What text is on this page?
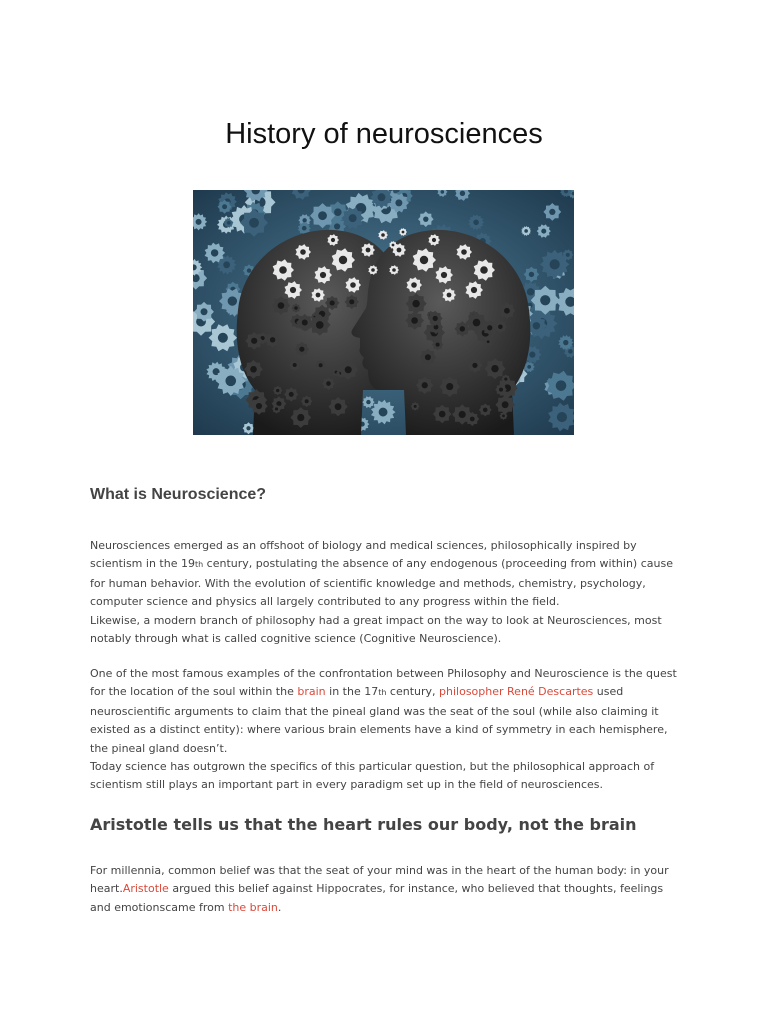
History of neurosciences
What is Neuroscience?

Neurosciences emerged as an offshoot of biology and medical sciences, philosophically inspired by scientism in the 19th century, postulating the absence of any endogenous (proceeding from within) cause for human behavior. With the evolution of scientific knowledge and methods, chemistry, psychology, computer science and physics all largely contributed to any progress within the field.
Likewise, a modern branch of philosophy had a great impact on the way to look at Neurosciences, most notably through what is called cognitive science (Cognitive Neuroscience).

One of the most famous examples of the confrontation between Philosophy and Neuroscience is the quest for the location of the soul within the brain in the 17th century, philosopher René Descartes used neuroscientific arguments to claim that the pineal gland was the seat of the soul (while also claiming it existed as a distinct entity): where various brain elements have a kind of symmetry in each hemisphere, the pineal gland doesn’t.
Today science has outgrown the specifics of this particular question, but the philosophical approach of scientism still plays an important part in every paradigm set up in the field of neurosciences.

Aristotle tells us that the heart rules our body, not the brain

For millennia, common belief was that the seat of your mind was in the heart of the human body: in your heart.Aristotle argued this belief against Hippocrates, for instance, who believed that thoughts, feelings and emotionscame from the brain.
